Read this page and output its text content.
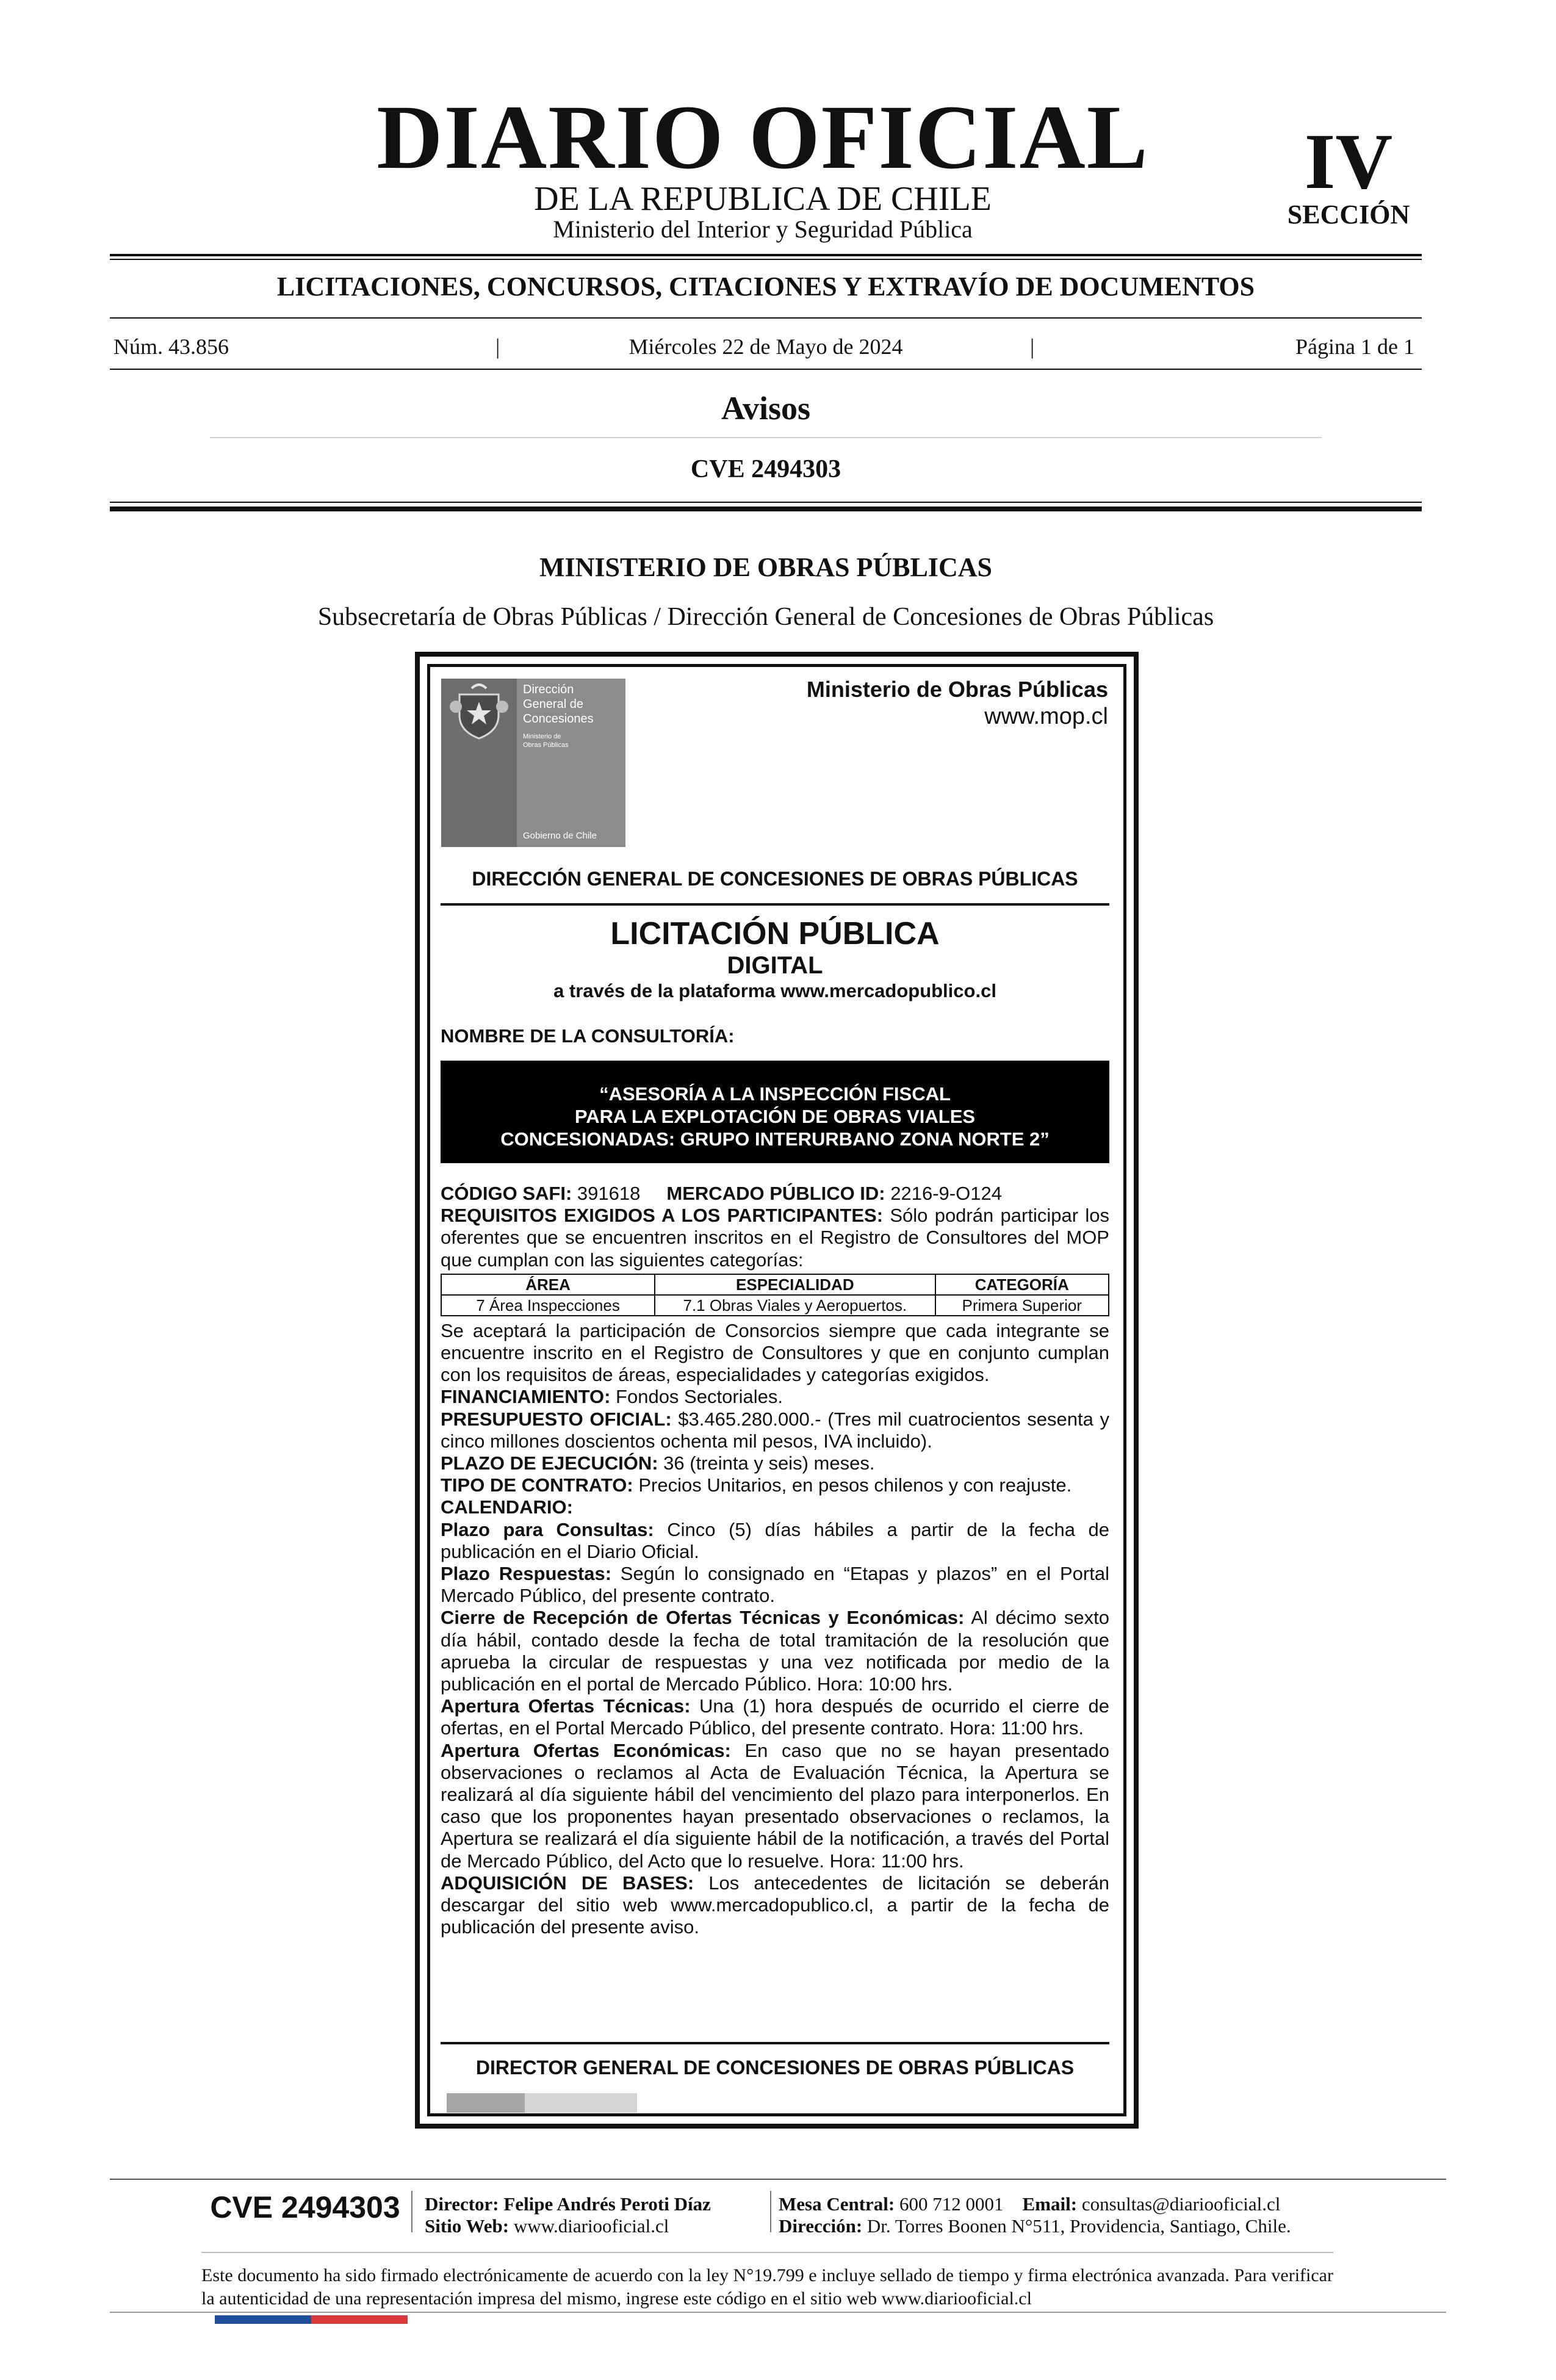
DIARIO OFICIAL
DE LA REPUBLICA DE CHILE
Ministerio del Interior y Seguridad Pública
IV
SECCIÓN
LICITACIONES, CONCURSOS, CITACIONES Y EXTRAVÍO DE DOCUMENTOS
Núm. 43.856	|	Miércoles 22 de Mayo de 2024	|	Página 1 de 1
Avisos
CVE 2494303
MINISTERIO DE OBRAS PÚBLICAS
Subsecretaría de Obras Públicas / Dirección General de Concesiones de Obras Públicas
Dirección
General de
Concesiones
Ministerio de
Obras Públicas
Gobierno de Chile
Ministerio de Obras Públicas
www.mop.cl
DIRECCIÓN GENERAL DE CONCESIONES DE OBRAS PÚBLICAS
LICITACIÓN PÚBLICA
DIGITAL
a través de la plataforma www.mercadopublico.cl
NOMBRE DE LA CONSULTORÍA:
“ASESORÍA A LA INSPECCIÓN FISCAL
PARA LA EXPLOTACIÓN DE OBRAS VIALES
CONCESIONADAS: GRUPO INTERURBANO ZONA NORTE 2”

CÓDIGO SAFI: 391618 MERCADO PÚBLICO ID: 2216-9-O124

REQUISITOS EXIGIDOS A LOS PARTICIPANTES: Sólo podrán participar los oferentes que se encuentren inscritos en el Registro de Consultores del MOP que cumplan con las siguientes categorías:

ÁREA	ESPECIALIDAD	CATEGORÍA
7 Área Inspecciones	7.1 Obras Viales y Aeropuertos.	Primera Superior

Se aceptará la participación de Consorcios siempre que cada integrante se encuentre inscrito en el Registro de Consultores y que en conjunto cumplan con los requisitos de áreas, especialidades y categorías exigidos.

FINANCIAMIENTO: Fondos Sectoriales.

PRESUPUESTO OFICIAL: $3.465.280.000.- (Tres mil cuatrocientos sesenta y cinco millones doscientos ochenta mil pesos, IVA incluido).

PLAZO DE EJECUCIÓN: 36 (treinta y seis) meses.

TIPO DE CONTRATO: Precios Unitarios, en pesos chilenos y con reajuste.

CALENDARIO:

Plazo para Consultas: Cinco (5) días hábiles a partir de la fecha de publicación en el Diario Oficial.

Plazo Respuestas: Según lo consignado en “Etapas y plazos” en el Portal Mercado Público, del presente contrato.

Cierre de Recepción de Ofertas Técnicas y Económicas: Al décimo sexto día hábil, contado desde la fecha de total tramitación de la resolución que aprueba la circular de respuestas y una vez notificada por medio de la publicación en el portal de Mercado Público. Hora: 10:00 hrs.

Apertura Ofertas Técnicas: Una (1) hora después de ocurrido el cierre de ofertas, en el Portal Mercado Público, del presente contrato. Hora: 11:00 hrs.

Apertura Ofertas Económicas: En caso que no se hayan presentado observaciones o reclamos al Acta de Evaluación Técnica, la Apertura se realizará al día siguiente hábil del vencimiento del plazo para interponerlos. En caso que los proponentes hayan presentado observaciones o reclamos, la Apertura se realizará el día siguiente hábil de la notificación, a través del Portal de Mercado Público, del Acto que lo resuelve. Hora: 11:00 hrs.

ADQUISICIÓN DE BASES: Los antecedentes de licitación se deberán descargar del sitio web www.mercadopublico.cl, a partir de la fecha de publicación del presente aviso.

DIRECTOR GENERAL DE CONCESIONES DE OBRAS PÚBLICAS
CVE 2494303	Director: Felipe Andrés Peroti Díaz
Sitio Web: www.diariooficial.cl
Mesa Central: 600 712 0001 Email: consultas@diariooficial.cl
Dirección: Dr. Torres Boonen N°511, Providencia, Santiago, Chile.
Este documento ha sido firmado electrónicamente de acuerdo con la ley N°19.799 e incluye sellado de tiempo y firma electrónica avanzada. Para verificar la autenticidad de una representación impresa del mismo, ingrese este código en el sitio web www.diariooficial.cl
